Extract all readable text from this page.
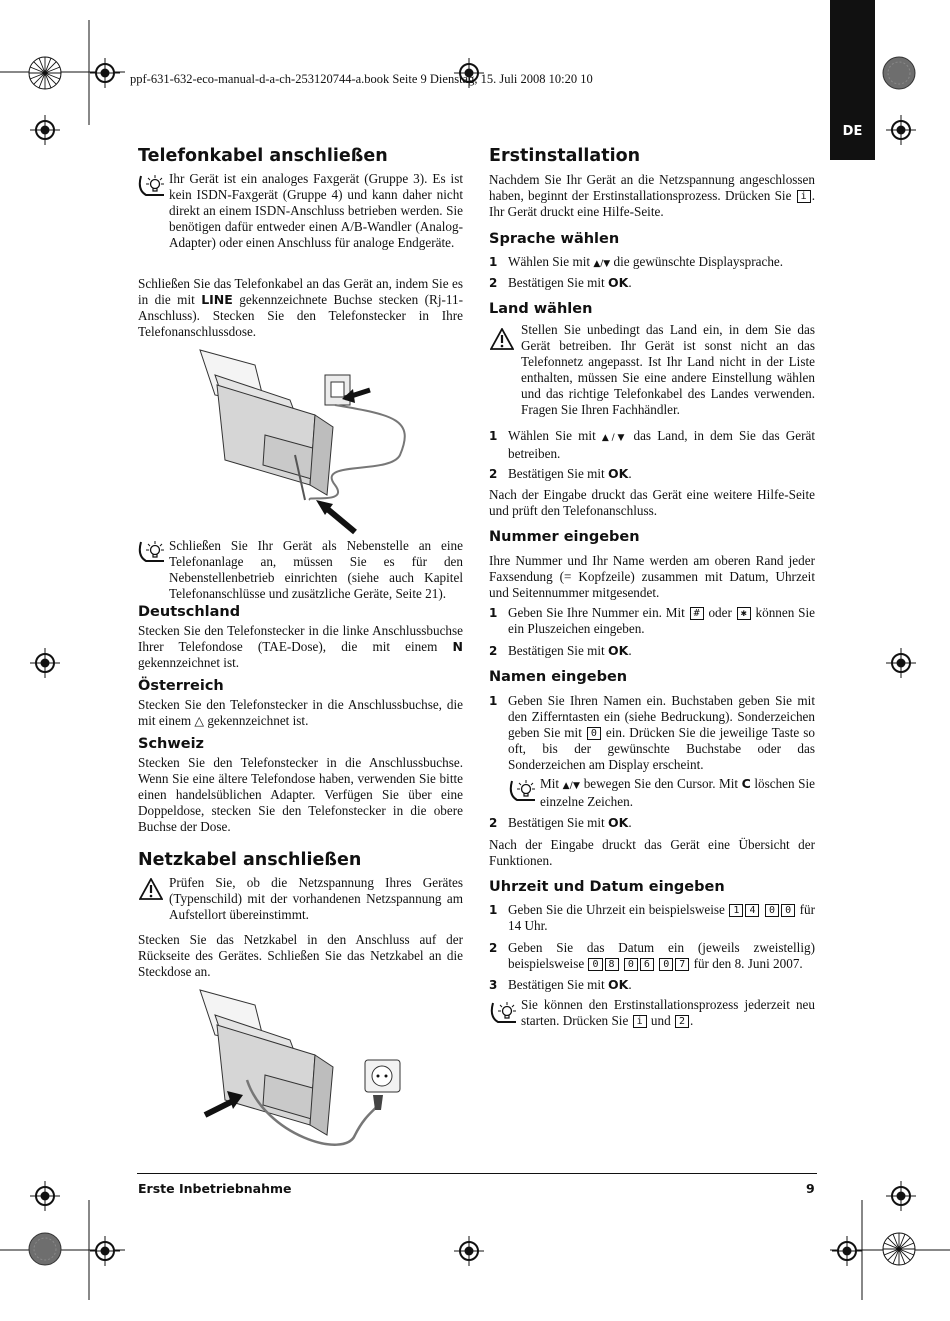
ppf-631-632-eco-manual-d-a-ch-253120744-a.book Seite 9 Dienstag, 15. Juli 2008 10:20 10
DE
Telefonkabel anschließen
Ihr Gerät ist ein analoges Faxgerät (Gruppe 3). Es ist kein ISDN-Faxgerät (Gruppe 4) und kann daher nicht direkt an einem ISDN-Anschluss betrieben werden. Sie benötigen dafür entweder einen A/B-Wandler (Analog-Adapter) oder einen Anschluss für analoge Endgeräte.
Schließen Sie das Telefonkabel an das Gerät an, indem Sie es in die mit LINE gekennzeichnete Buchse stecken (Rj-11-Anschluss). Stecken Sie den Telefonstecker in Ihre Telefonanschlussdose.
Schließen Sie Ihr Gerät als Nebenstelle an eine Telefonanlage an, müssen Sie es für den Nebenstellenbetrieb einrichten (siehe auch Kapitel Telefonanschlüsse und zusätzliche Geräte, Seite 21).
Deutschland
Stecken Sie den Telefonstecker in die linke Anschlussbuchse Ihrer Telefondose (TAE-Dose), die mit einem N gekennzeichnet ist.
Österreich
Stecken Sie den Telefonstecker in die Anschlussbuchse, die mit einem △ gekennzeichnet ist.
Schweiz
Stecken Sie den Telefonstecker in die Anschlussbuchse. Wenn Sie eine ältere Telefondose haben, verwenden Sie bitte einen handelsüblichen Adapter. Verfügen Sie über eine Doppeldose, stecken Sie den Telefonstecker in die obere Buchse der Dose.
Netzkabel anschließen
Prüfen Sie, ob die Netzspannung Ihres Gerätes (Typenschild) mit der vorhandenen Netzspannung am Aufstellort übereinstimmt.
Stecken Sie das Netzkabel in den Anschluss auf der Rückseite des Gerätes. Schließen Sie das Netzkabel an die Steckdose an.
Erstinstallation
Nachdem Sie Ihr Gerät an die Netzspannung angeschlossen haben, beginnt der Erstinstallationsprozess. Drücken Sie i . Ihr Gerät druckt eine Hilfe-Seite.
Sprache wählen
1 Wählen Sie mit ▲/▼ die gewünschte Displaysprache.
2 Bestätigen Sie mit OK.
Land wählen
Stellen Sie unbedingt das Land ein, in dem Sie das Gerät betreiben. Ihr Gerät ist sonst nicht an das Telefonnetz angepasst. Ist Ihr Land nicht in der Liste enthalten, müssen Sie eine andere Einstellung wählen und das richtige Telefonkabel des Landes verwenden. Fragen Sie Ihren Fachhändler.
1 Wählen Sie mit ▲/▼ das Land, in dem Sie das Gerät betreiben.
2 Bestätigen Sie mit OK.
Nach der Eingabe druckt das Gerät eine weitere Hilfe-Seite und prüft den Telefonanschluss.
Nummer eingeben
Ihre Nummer und Ihr Name werden am oberen Rand jeder Faxsendung (= Kopfzeile) zusammen mit Datum, Uhrzeit und Seitennummer mitgesendet.
1 Geben Sie Ihre Nummer ein. Mit # oder ✱ können Sie ein Pluszeichen eingeben.
2 Bestätigen Sie mit OK.
Namen eingeben
1 Geben Sie Ihren Namen ein. Buchstaben geben Sie mit den Zifferntasten ein (siehe Bedruckung). Sonderzeichen geben Sie mit 0 ein. Drücken Sie die jeweilige Taste so oft, bis der gewünschte Buchstabe oder das Sonderzeichen am Display erscheint.
Mit ▲/▼ bewegen Sie den Cursor. Mit C löschen Sie einzelne Zeichen.
2 Bestätigen Sie mit OK.
Nach der Eingabe druckt das Gerät eine Übersicht der Funktionen.
Uhrzeit und Datum eingeben
1 Geben Sie die Uhrzeit ein beispielsweise 1 4 0 0 für 14 Uhr.
2 Geben Sie das Datum ein (jeweils zweistellig) beispielsweise 0 8 0 6 0 7 für den 8. Juni 2007.
3 Bestätigen Sie mit OK.
Sie können den Erstinstallationsprozess jederzeit neu starten. Drücken Sie i und 2 .
Erste Inbetriebnahme	9
